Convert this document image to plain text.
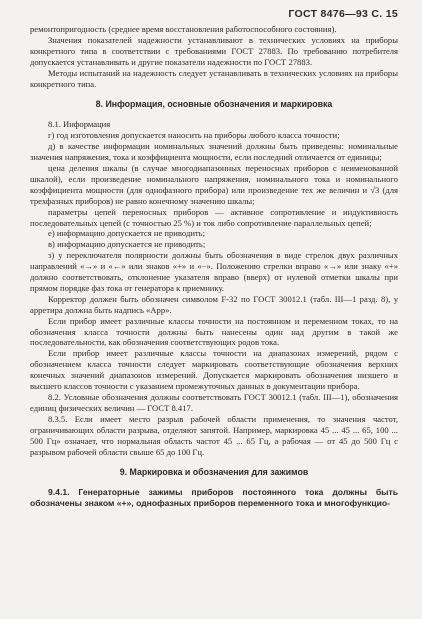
ГОСТ 8476—93 С. 15

ремонтопригодность (среднее время восстановления работоспособного состояния).

Значения показателей надежности устанавливают в технических условиях на приборы конкретного типа в соответствии с требованиями ГОСТ 27883. По требованию потребителя допускается устанавливать и другие показатели надежности по ГОСТ 27883.

Методы испытаний на надежность следует устанавливать в технических условиях на приборы конкретного типа.

8. Информация, основные обозначения и маркировка

8.1. Информация

г) год изготовления допускается наносить на приборы любого класса точности;

д) в качестве информации номинальных значений должны быть приведены: номинальные значения напряжения, тока и коэффициента мощности, если последний отличается от единицы;

цена деления шкалы (в случае многодиапазонных переносных приборов с неименованной шкалой), если произведение номинального напряжения, номинального тока и номинального коэффициента мощности (для однофазного прибора) или произведение тех же величин и √3 (для трехфазных приборов) не равно конечному значению шкалы;

параметры цепей переносных приборов — активное сопротивление и индуктивность последовательных цепей (с точностью 25 %) и ток либо сопротивление параллельных цепей;

е) информацию допускается не приводить;

в) информацию допускается не приводить;

з) у переключателя полярности должны быть обозначения в виде стрелок двух различных направлений «→» и «←» или знаков «+» и «−». Положению стрелки вправо «→» или знаку «+» должно соответствовать, отклонение указателя вправо (вверх) от нулевой отметки шкалы при прямом порядке фаз тока от генератора к приемнику.

Корректор должен быть обозначен символом F-32 по ГОСТ 30012.1 (табл. III—1 разд. 8), у арретира должна быть надпись «Арр».

Если прибор имеет различные классы точности на постоянном и переменном токах, то на обозначения класса точности должны быть нанесены один над другим в такой же последовательности, как обозначения соответствующих родов тока.

Если прибор имеет различные классы точности на диапазонах измерений, рядом с обозначением класса точности следует маркировать соответствующие обозначения верхних конечных значений диапазонов измерений. Допускается маркировать обозначения низшего и высшего классов точности с указанием промежуточных данных в документации прибора.

8.2. Условные обозначения должны соответствовать ГОСТ 30012.1 (табл. III—1), обозначения единиц физических величин — ГОСТ 8.417.

8.3.5. Если имеет место разрыв рабочей области применения, то значения частот, ограничивающих области разрыва, отделяют запятой. Например, маркировка 45 ... 45 ... 65, 100 ... 500 Гц» означает, что нормальная область частот 45 ... 65 Гц, а рабочая — от 45 до 500 Гц с разрывом рабочей области свыше 65 до 100 Гц.

9. Маркировка и обозначения для зажимов

9.4.1. Генераторные зажимы приборов постоянного тока должны быть обозначены знаком «+», однофазных приборов переменного тока и многофункцио-
